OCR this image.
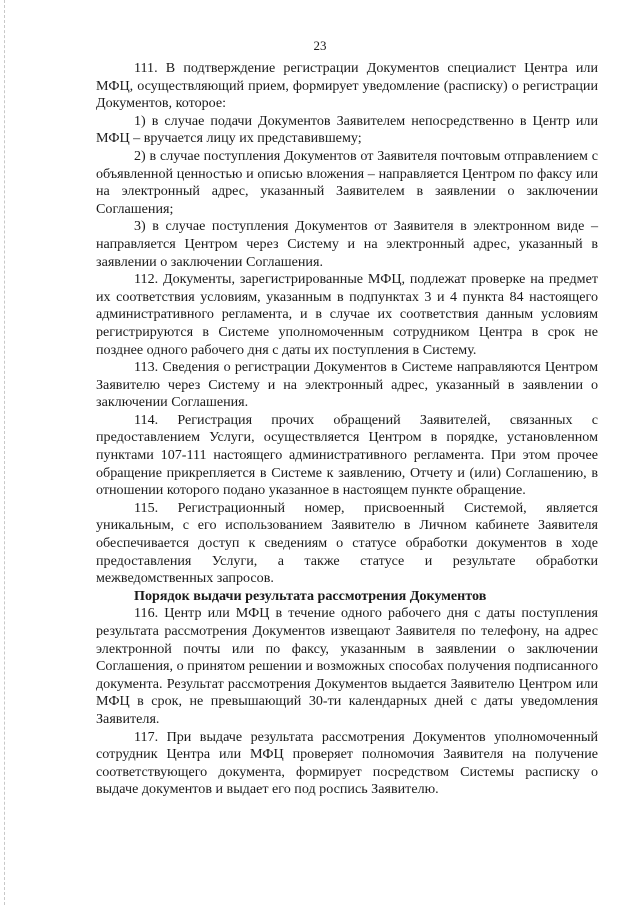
23

111. В подтверждение регистрации Документов специалист Центра или МФЦ, осуществляющий прием, формирует уведомление (расписку) о регистрации Документов, которое:

1) в случае подачи Документов Заявителем непосредственно в Центр или МФЦ – вручается лицу их представившему;

2) в случае поступления Документов от Заявителя почтовым отправлением с объявленной ценностью и описью вложения – направляется Центром по факсу или на электронный адрес, указанный Заявителем в заявлении о заключении Соглашения;

3) в случае поступления Документов от Заявителя в электронном виде – направляется Центром через Систему и на электронный адрес, указанный в заявлении о заключении Соглашения.

112. Документы, зарегистрированные МФЦ, подлежат проверке на предмет их соответствия условиям, указанным в подпунктах 3 и 4 пункта 84 настоящего административного регламента, и в случае их соответствия данным условиям регистрируются в Системе уполномоченным сотрудником Центра в срок не позднее одного рабочего дня с даты их поступления в Систему.

113. Сведения о регистрации Документов в Системе направляются Центром Заявителю через Систему и на электронный адрес, указанный в заявлении о заключении Соглашения.

114. Регистрация прочих обращений Заявителей, связанных с предоставлением Услуги, осуществляется Центром в порядке, установленном пунктами 107-111 настоящего административного регламента. При этом прочее обращение прикрепляется в Системе к заявлению, Отчету и (или) Соглашению, в отношении которого подано указанное в настоящем пункте обращение.

115. Регистрационный номер, присвоенный Системой, является уникальным, с его использованием Заявителю в Личном кабинете Заявителя обеспечивается доступ к сведениям о статусе обработки документов в ходе предоставления Услуги, а также статусе и результате обработки межведомственных запросов.

Порядок выдачи результата рассмотрения Документов

116. Центр или МФЦ в течение одного рабочего дня с даты поступления результата рассмотрения Документов извещают Заявителя по телефону, на адрес электронной почты или по факсу, указанным в заявлении о заключении Соглашения, о принятом решении и возможных способах получения подписанного документа. Результат рассмотрения Документов выдается Заявителю Центром или МФЦ в срок, не превышающий 30-ти календарных дней с даты уведомления Заявителя.

117. При выдаче результата рассмотрения Документов уполномоченный сотрудник Центра или МФЦ проверяет полномочия Заявителя на получение соответствующего документа, формирует посредством Системы расписку о выдаче документов и выдает его под роспись Заявителю.
